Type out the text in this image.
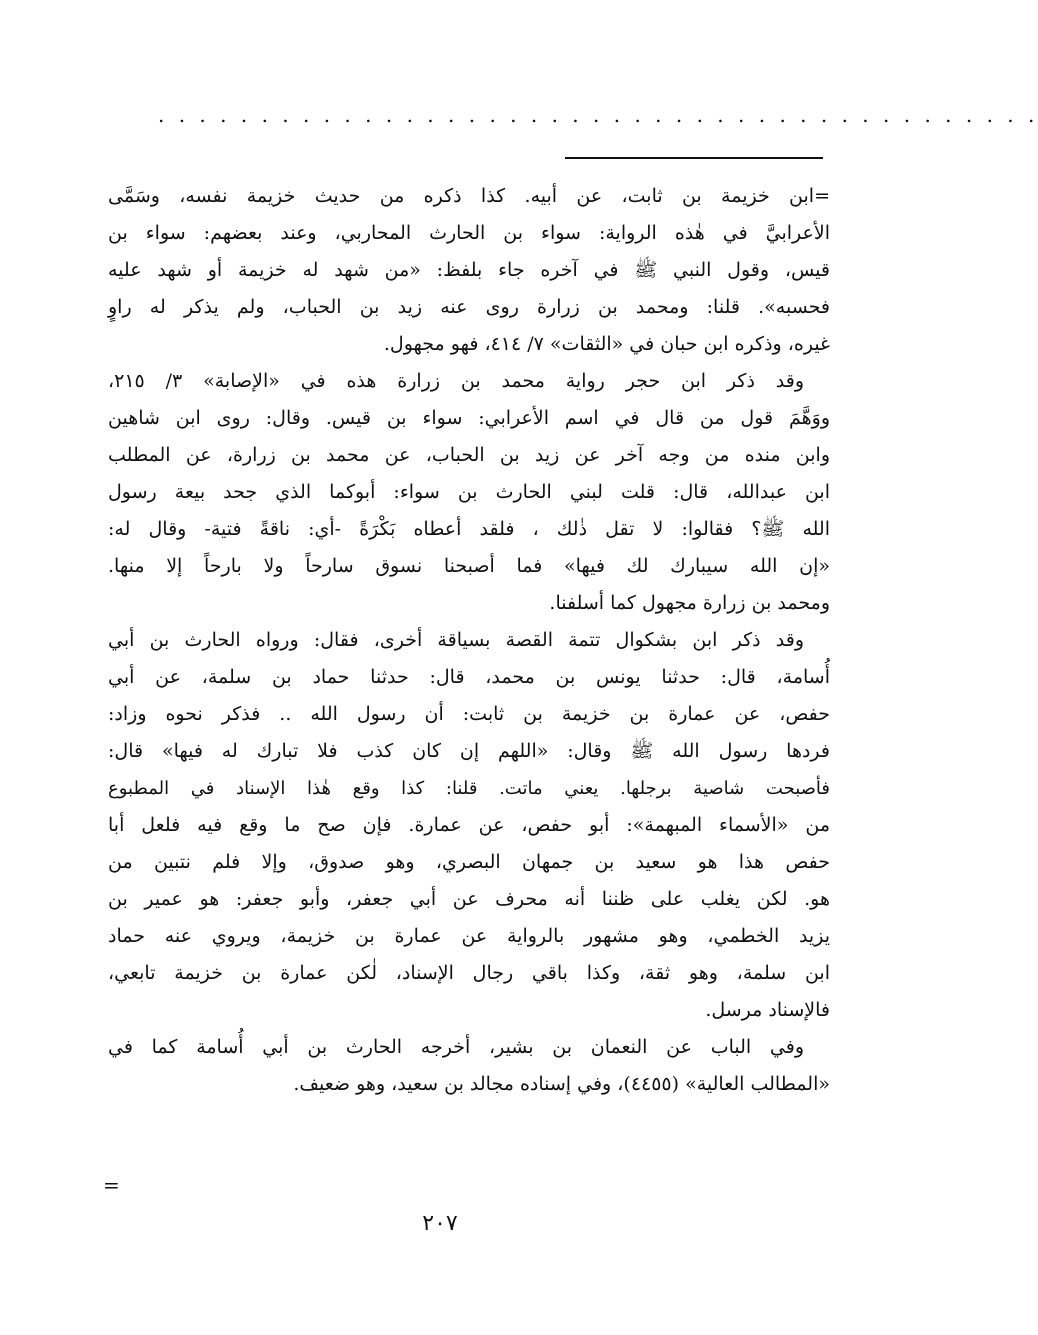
. . . . . . . . . . . . . . . . . . . . . . . . . . . . . . . . . . . . . . . . . . .
=ابن خزيمة بن ثابت، عن أبيه. كذا ذكره من حديث خزيمة نفسه، وسَمَّى
الأعرابيَّ في هٰذه الرواية: سواء بن الحارث المحاربي، وعند بعضهم: سواء بن
قيس، وقول النبي ﷺ في آخره جاء بلفظ: «من شهد له خزيمة أو شهد عليه
فحسبه». قلنا: ومحمد بن زرارة روى عنه زيد بن الحباب، ولم يذكر له راوٍ
غيره، وذكره ابن حبان في «الثقات» ٧/ ٤١٤، فهو مجهول.
وقد ذكر ابن حجر رواية محمد بن زرارة هذه في «الإصابة» ٣/ ٢١٥،
ووَهَّمَ قول من قال في اسم الأعرابي: سواء بن قيس. وقال: روى ابن شاهين
وابن منده من وجه آخر عن زيد بن الحباب، عن محمد بن زرارة، عن المطلب
ابن عبدالله، قال: قلت لبني الحارث بن سواء: أبوكما الذي جحد بيعة رسول
الله ﷺ؟ فقالوا: لا تقل ذٰلك ، فلقد أعطاه بَكْرَةً -أي: ناقةً فتية- وقال له:
«إن الله سيبارك لك فيها» فما أصبحنا نسوق سارحاً ولا بارحاً إلا منها.
ومحمد بن زرارة مجهول كما أسلفنا.
وقد ذكر ابن بشكوال تتمة القصة بسياقة أخرى، فقال: ورواه الحارث بن أبي
أُسامة، قال: حدثنا يونس بن محمد، قال: حدثنا حماد بن سلمة، عن أبي
حفص، عن عمارة بن خزيمة بن ثابت: أن رسول الله .. فذكر نحوه وزاد:
فردها رسول الله ﷺ وقال: «اللهم إن كان كذب فلا تبارك له فيها» قال:
فأصبحت شاصية برجلها. يعني ماتت. قلنا: كذا وقع هٰذا الإسناد في المطبوع
من «الأسماء المبهمة»: أبو حفص، عن عمارة. فإن صح ما وقع فيه فلعل أبا
حفص هذا هو سعيد بن جمهان البصري، وهو صدوق، وإلا فلم نتبين من
هو. لكن يغلب على ظننا أنه محرف عن أبي جعفر، وأبو جعفر: هو عمير بن
يزيد الخطمي، وهو مشهور بالرواية عن عمارة بن خزيمة، ويروي عنه حماد
ابن سلمة، وهو ثقة، وكذا باقي رجال الإسناد، لٰكن عمارة بن خزيمة تابعي،
فالإسناد مرسل.
وفي الباب عن النعمان بن بشير، أخرجه الحارث بن أبي أُسامة كما في
«المطالب العالية» (٤٤٥٥)، وفي إسناده مجالد بن سعيد، وهو ضعيف.
=
٢٠٧
